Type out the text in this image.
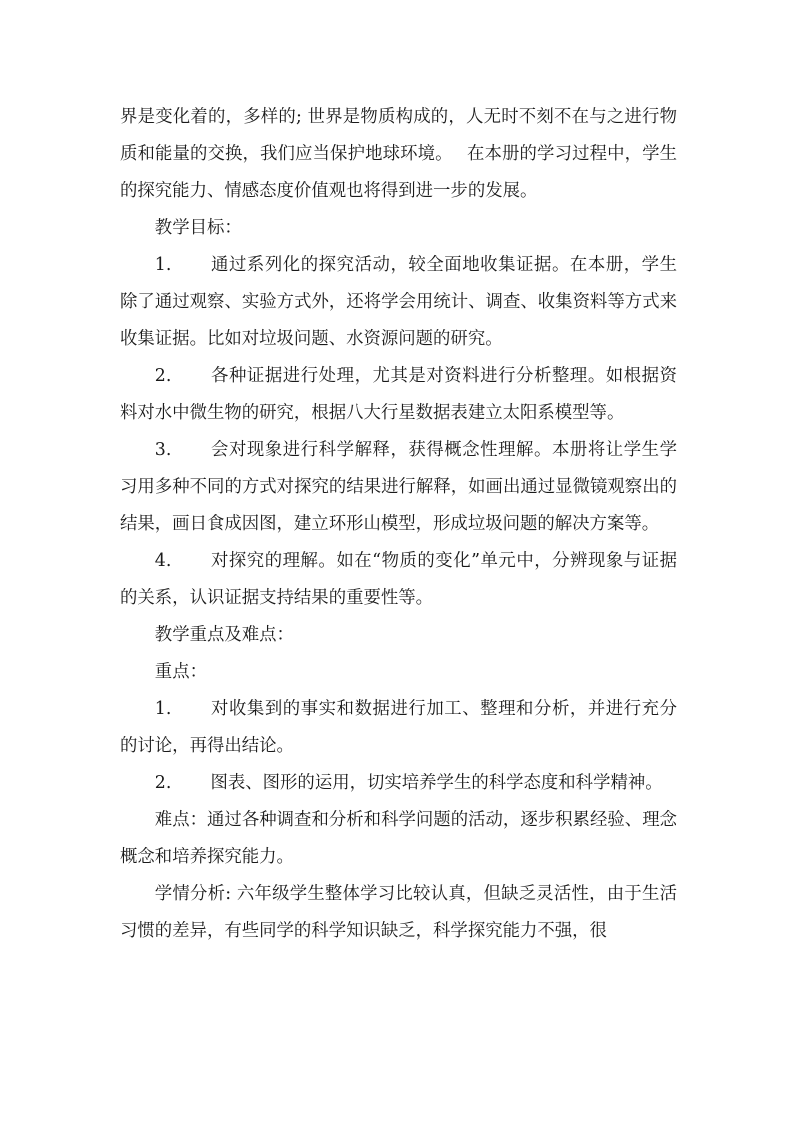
界是变化着的，多样的; 世界是物质构成的，人无时不刻不在与之进行物质和能量的交换，我们应当保护地球环境。　 在本册的学习过程中，学生的探究能力、情感态度价值观也将得到进一步的发展。

教学目标：

1. 通过系列化的探究活动，较全面地收集证据。在本册，学生除了通过观察、实验方式外，还将学会用统计、调查、收集资料等方式来收集证据。比如对垃圾问题、水资源问题的研究。

2. 各种证据进行处理，尤其是对资料进行分析整理。如根据资料对水中微生物的研究，根据八大行星数据表建立太阳系模型等。

3. 会对现象进行科学解释，获得概念性理解。本册将让学生学习用多种不同的方式对探究的结果进行解释，如画出通过显微镜观察出的结果，画日食成因图，建立环形山模型，形成垃圾问题的解决方案等。

4. 对探究的理解。如在“物质的变化”单元中，分辨现象与证据的关系，认识证据支持结果的重要性等。

教学重点及难点：

重点：

1. 对收集到的事实和数据进行加工、整理和分析，并进行充分的讨论，再得出结论。

2. 图表、图形的运用，切实培养学生的科学态度和科学精神。

难点：通过各种调查和分析和科学问题的活动，逐步积累经验、理念概念和培养探究能力。

学情分析: 六年级学生整体学习比较认真，但缺乏灵活性，由于生活习惯的差异，有些同学的科学知识缺乏，科学探究能力不强，很
